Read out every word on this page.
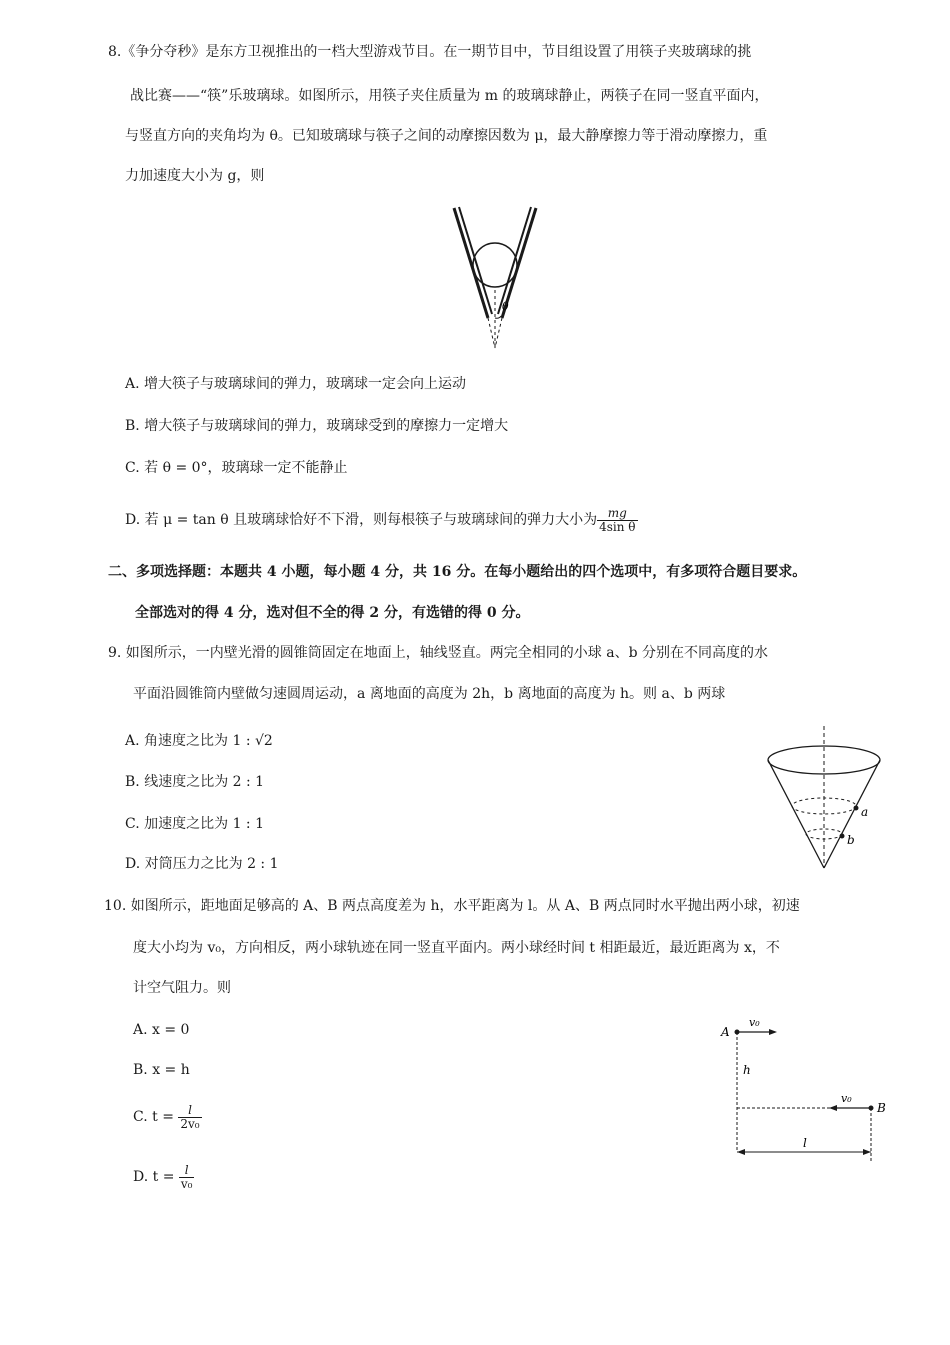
8.《争分夺秒》是东方卫视推出的一档大型游戏节目。在一期节目中，节目组设置了用筷子夹玻璃球的挑
战比赛——“筷”乐玻璃球。如图所示，用筷子夹住质量为 m 的玻璃球静止，两筷子在同一竖直平面内，
与竖直方向的夹角均为 θ。已知玻璃球与筷子之间的动摩擦因数为 μ，最大静摩擦力等于滑动摩擦力，重
力加速度大小为 g，则
θ
A. 增大筷子与玻璃球间的弹力，玻璃球一定会向上运动
B. 增大筷子与玻璃球间的弹力，玻璃球受到的摩擦力一定增大
C. 若 θ = 0°，玻璃球一定不能静止
D. 若 μ = tan θ 且玻璃球恰好不下滑，则每根筷子与玻璃球间的弹力大小为 $\frac{mg}{\text{4sin θ}}$
二、多项选择题：本题共 4 小题，每小题 4 分，共 16 分。在每小题给出的四个选项中，有多项符合题目要求。
全部选对的得 4 分，选对但不全的得 2 分，有选错的得 0 分。
9. 如图所示，一内壁光滑的圆锥筒固定在地面上，轴线竖直。两完全相同的小球 a、b 分别在不同高度的水
平面沿圆锥筒内壁做匀速圆周运动，a 离地面的高度为 2h，b 离地面的高度为 h。则 a、b 两球
A. 角速度之比为 1 : √2
B. 线速度之比为 2 : 1
C. 加速度之比为 1 : 1
D. 对筒压力之比为 2 : 1
a
b
10. 如图所示，距地面足够高的 A、B 两点高度差为 h，水平距离为 l。从 A、B 两点同时水平抛出两小球，初速
度大小均为 v₀，方向相反，两小球轨迹在同一竖直平面内。两小球经时间 t 相距最近，最近距离为 x，不
计空气阻力。则
A. x = 0
B. x = h
C. $t = \frac{l}{\text{2v₀}}$
D. $t = \frac{l}{\text{v₀}}$
A
B
h
l
v₀
v₀
